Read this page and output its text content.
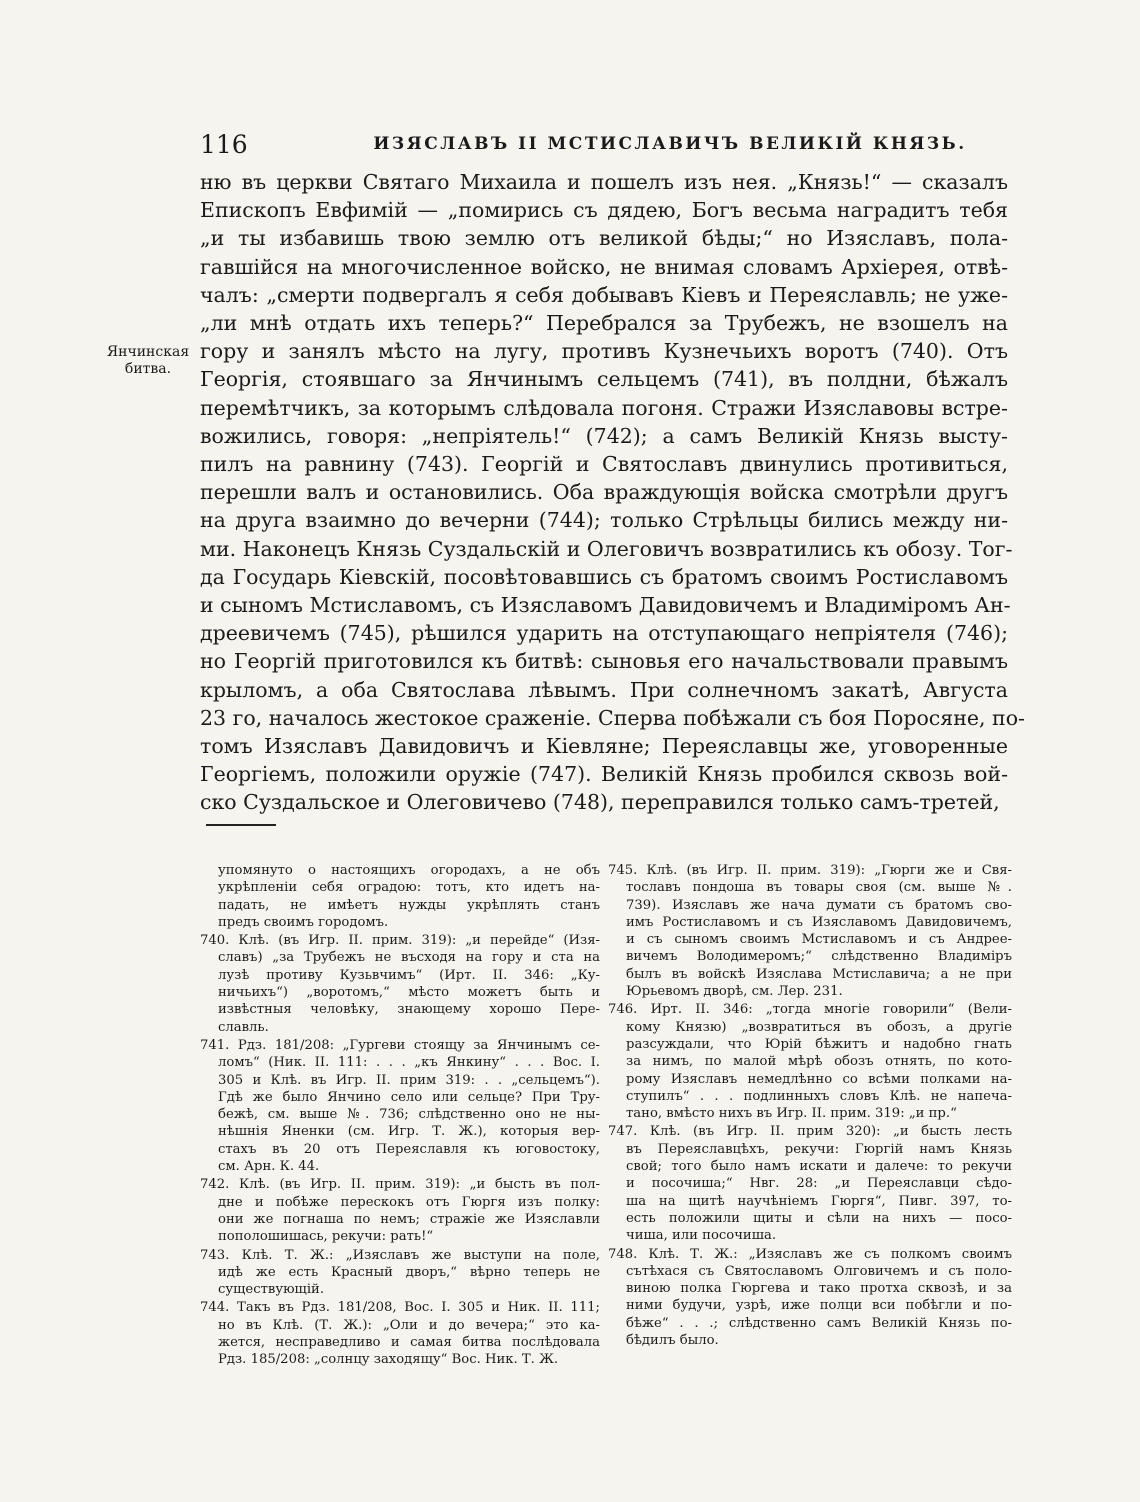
116	ИЗЯСЛАВЪ II МСТИСЛАВИЧЪ ВЕЛИКІЙ КНЯЗЬ.
Янчинская битва.
ню въ церкви Святаго Михаила и пошелъ изъ нея. „Князь!“ — сказалъ
Епископъ Евфимій — „помирись съ дядею, Богъ весьма наградитъ тебя
„и ты избавишь твою землю отъ великой бѣды;“ но Изяславъ, пола-
гавшійся на многочисленное войско, не внимая словамъ Архіерея, отвѣ-
чалъ: „смерти подвергалъ я себя добывавъ Кіевъ и Переяславль; не уже-
„ли мнѣ отдать ихъ теперь?“ Перебрался за Трубежъ, не взошелъ на
гору и занялъ мѣсто на лугу, противъ Кузнечьихъ воротъ (740). Отъ
Георгія, стоявшаго за Янчинымъ сельцемъ (741), въ полдни, бѣжалъ
перемѣтчикъ, за которымъ слѣдовала погоня. Стражи Изяславовы встре-
вожились, говоря: „непріятель!“ (742); а самъ Великій Князь высту-
пилъ на равнину (743). Георгій и Святославъ двинулись противиться,
перешли валъ и остановились. Оба враждующія войска смотрѣли другъ
на друга взаимно до вечерни (744); только Стрѣльцы бились между ни-
ми. Наконецъ Князь Суздальскій и Олеговичъ возвратились къ обозу. Тог-
да Государь Кіевскій, посовѣтовавшись съ братомъ своимъ Ростиславомъ
и сыномъ Мстиславомъ, съ Изяславомъ Давидовичемъ и Владиміромъ Ан-
дреевичемъ (745), рѣшился ударить на отступающаго непріятеля (746);
но Георгій приготовился къ битвѣ: сыновья его начальствовали правымъ
крыломъ, а оба Святослава лѣвымъ. При солнечномъ закатѣ, Августа
23 го, началось жестокое сраженіе. Сперва побѣжали съ боя Поросяне, по-
томъ Изяславъ Давидовичъ и Кіевляне; Переяславцы же, уговоренные
Георгіемъ, положили оружіе (747). Великій Князь пробился сквозь вой-
ско Суздальское и Олеговичево (748), переправился только самъ-третей,
упомянуто о настоящихъ огородахъ, а не объ
укрѣпленіи себя оградою: тотъ, кто идетъ на-
падать, не имѣетъ нужды укрѣплять станъ
предъ своимъ городомъ.
740. Клѣ. (въ Игр. II. прим. 319): „и перейде“ (Изя-
славъ) „за Трубежъ не въсходя на гору и ста на
лузѣ противу Кузьвчимъ“ (Ирт. II. 346: „Ку-
ничьихъ“) „воротомъ,“ мѣсто можетъ быть и
извѣстныя человѣку, знающему хорошо Пере-
славль.
741. Рдз. 181/208: „Гургеви стоящу за Янчинымъ се-
ломъ“ (Ник. II. 111: . . . „къ Янкину“ . . . Вос. I.
305 и Клѣ. въ Игр. II. прим 319: . . „сельцемъ“).
Гдѣ же было Янчино село или сельце? При Тру-
бежѣ, см. выше №. 736; слѣдственно оно не ны-
нѣшнія Яненки (см. Игр. Т. Ж.), которыя вер-
стахъ въ 20 отъ Переяславля къ юговостоку,
см. Арн. К. 44.
742. Клѣ. (въ Игр. II. прим. 319): „и бысть въ пол-
дне и побѣже перескокъ отъ Гюргя изъ полку:
они же погнаша по немъ; стражіе же Изяславли
пополошишась, рекучи: рать!“
743. Клѣ. Т. Ж.: „Изяславъ же выступи на поле,
идѣ же есть Красный дворъ,“ вѣрно теперь не
существующій.
744. Такъ въ Рдз. 181/208, Вос. I. 305 и Ник. II. 111;
но въ Клѣ. (Т. Ж.): „Оли и до вечера;“ это ка-
жется, несправедливо и самая битва послѣдовала
Рдз. 185/208: „солнцу заходящу“ Вос. Ник. Т. Ж.
745. Клѣ. (въ Игр. II. прим. 319): „Гюрги же и Свя-
тославъ пондоша въ товары своя (см. выше №.
739). Изяславъ же нача думати съ братомъ сво-
имъ Ростиславомъ и съ Изяславомъ Давидовичемъ,
и съ сыномъ своимъ Мстиславомъ и съ Андрее-
вичемъ Володимеромъ;“ слѣдственно Владиміръ
былъ въ войскѣ Изяслава Мстиславича; а не при
Юрьевомъ дворѣ, см. Лер. 231.
746. Ирт. II. 346: „тогда многіе говорили“ (Вели-
кому Князю) „возвратиться въ обозъ, а другіе
разсуждали, что Юрій бѣжитъ и надобно гнать
за нимъ, по малой мѣрѣ обозъ отнять, по кото-
рому Изяславъ немедлѣнно со всѣми полками на-
ступилъ“ . . . подлинныхъ словъ Клѣ. не напеча-
тано, вмѣсто нихъ въ Игр. II. прим. 319: „и пр.“
747. Клѣ. (въ Игр. II. прим 320): „и бысть лесть
въ Переяславцѣхъ, рекучи: Гюргій намъ Князь
свой; того было намъ искати и далече: то рекучи
и посочиша;“ Нвг. 28: „и Переяславци сѣдо-
ша на щитѣ научѣніемъ Гюргя“, Пивг. 397, то-
есть положили щиты и сѣли на нихъ — посо-
чиша, или посочиша.
748. Клѣ. Т. Ж.: „Изяславъ же съ полкомъ своимъ
сътѣхася съ Святославомъ Олговичемъ и съ поло-
виною полка Гюргева и тако протха сквозѣ, и за
ними будучи, узрѣ, иже полци вси побѣгли и по-
бѣже“ . . .; слѣдственно самъ Великій Князь по-
бѣдилъ было.
